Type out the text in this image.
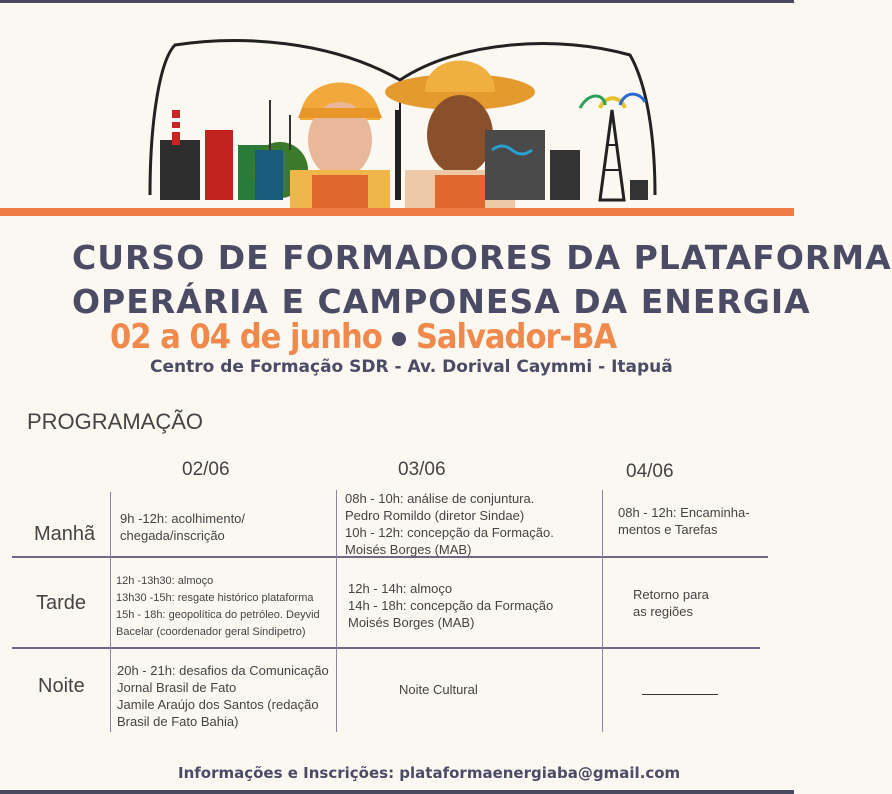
CURSO DE FORMADORES DA PLATAFORMA
OPERÁRIA E CAMPONESA DA ENERGIA
02 a 04 de junho Salvador-BA
Centro de Formação SDR - Av. Dorival Caymmi - Itapuã
PROGRAMAÇÃO
02/06	03/06	04/06
Manhã
Tarde
Noite
9h -12h: acolhimento/
chegada/inscrição
08h - 10h: análise de conjuntura.
Pedro Romildo (diretor Sindae)
10h - 12h: concepção da Formação.
Moisés Borges (MAB)
08h - 12h: Encaminha-
mentos e Tarefas
12h -13h30: almoço
13h30 -15h: resgate histórico plataforma
15h - 18h: geopolítica do petróleo. Deyvid
Bacelar (coordenador geral Sindipetro)
12h - 14h: almoço
14h - 18h: concepção da Formação
Moisés Borges (MAB)
Retorno para
as regiões
20h - 21h: desafios da Comunicação
Jornal Brasil de Fato
Jamile Araújo dos Santos (redação
Brasil de Fato Bahia)
Noite Cultural
Informações e Inscrições: plataformaenergiaba@gmail.com
